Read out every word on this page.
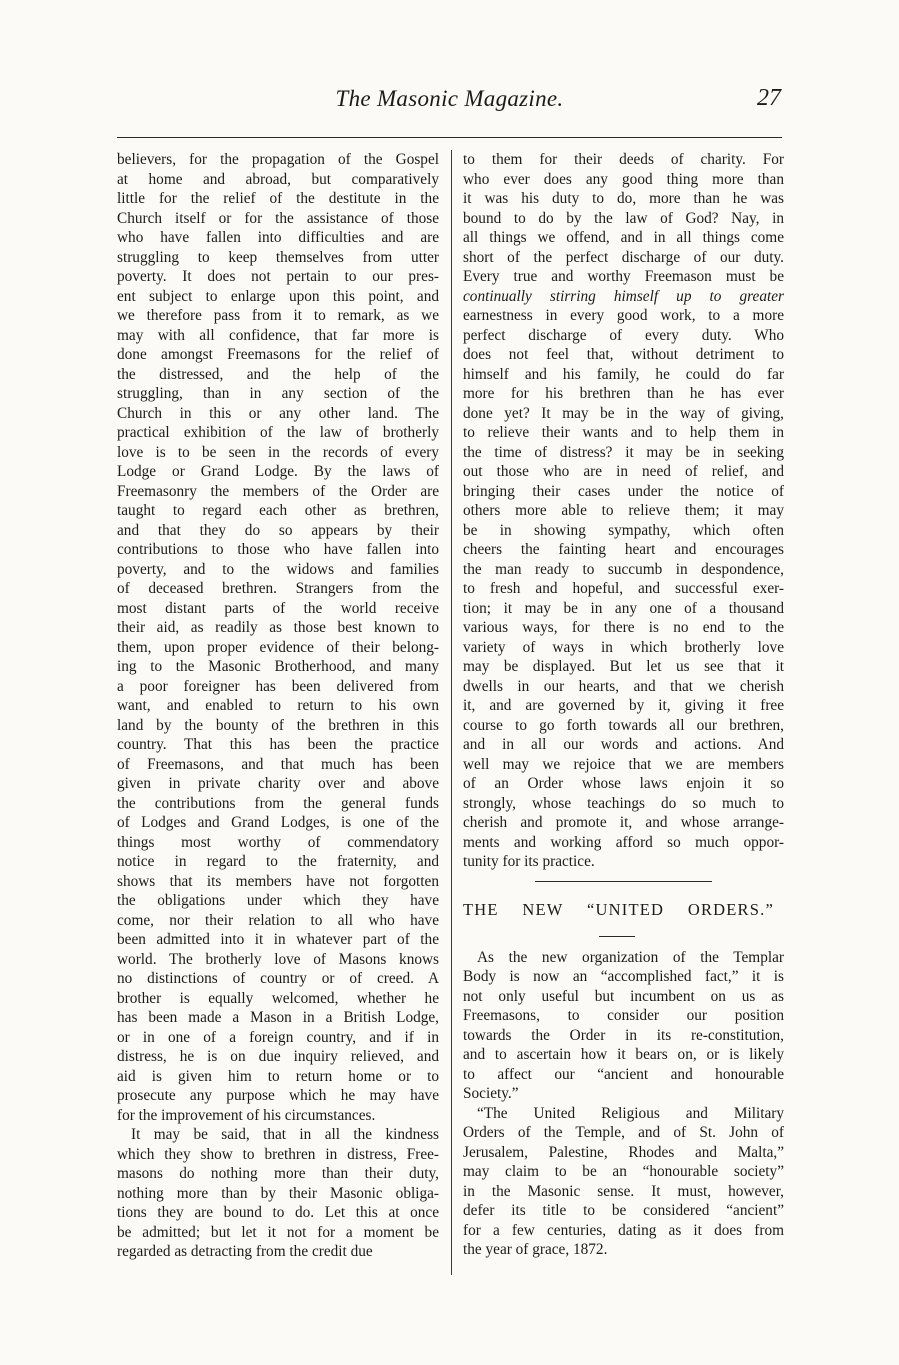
The Masonic Magazine.	27
believers, for the propagation of the Gospel
at home and abroad, but comparatively
little for the relief of the destitute in the
Church itself or for the assistance of those
who have fallen into difficulties and are
struggling to keep themselves from utter
poverty. It does not pertain to our pres-
ent subject to enlarge upon this point, and
we therefore pass from it to remark, as we
may with all confidence, that far more is
done amongst Freemasons for the relief of
the distressed, and the help of the
struggling, than in any section of the
Church in this or any other land. The
practical exhibition of the law of brotherly
love is to be seen in the records of every
Lodge or Grand Lodge. By the laws of
Freemasonry the members of the Order are
taught to regard each other as brethren,
and that they do so appears by their
contributions to those who have fallen into
poverty, and to the widows and families
of deceased brethren. Strangers from the
most distant parts of the world receive
their aid, as readily as those best known to
them, upon proper evidence of their belong-
ing to the Masonic Brotherhood, and many
a poor foreigner has been delivered from
want, and enabled to return to his own
land by the bounty of the brethren in this
country. That this has been the practice
of Freemasons, and that much has been
given in private charity over and above
the contributions from the general funds
of Lodges and Grand Lodges, is one of the
things most worthy of commendatory
notice in regard to the fraternity, and
shows that its members have not forgotten
the obligations under which they have
come, nor their relation to all who have
been admitted into it in whatever part of the
world. The brotherly love of Masons knows
no distinctions of country or of creed. A
brother is equally welcomed, whether he
has been made a Mason in a British Lodge,
or in one of a foreign country, and if in
distress, he is on due inquiry relieved, and
aid is given him to return home or to
prosecute any purpose which he may have
for the improvement of his circumstances.
It may be said, that in all the kindness
which they show to brethren in distress, Free-
masons do nothing more than their duty,
nothing more than by their Masonic obliga-
tions they are bound to do. Let this at once
be admitted; but let it not for a moment be
regarded as detracting from the credit due
to them for their deeds of charity. For
who ever does any good thing more than
it was his duty to do, more than he was
bound to do by the law of God? Nay, in
all things we offend, and in all things come
short of the perfect discharge of our duty.
Every true and worthy Freemason must be
continually stirring himself up to greater
earnestness in every good work, to a more
perfect discharge of every duty. Who
does not feel that, without detriment to
himself and his family, he could do far
more for his brethren than he has ever
done yet? It may be in the way of giving,
to relieve their wants and to help them in
the time of distress? it may be in seeking
out those who are in need of relief, and
bringing their cases under the notice of
others more able to relieve them; it may
be in showing sympathy, which often
cheers the fainting heart and encourages
the man ready to succumb in despondence,
to fresh and hopeful, and successful exer-
tion; it may be in any one of a thousand
various ways, for there is no end to the
variety of ways in which brotherly love
may be displayed. But let us see that it
dwells in our hearts, and that we cherish
it, and are governed by it, giving it free
course to go forth towards all our brethren,
and in all our words and actions. And
well may we rejoice that we are members
of an Order whose laws enjoin it so
strongly, whose teachings do so much to
cherish and promote it, and whose arrange-
ments and working afford so much oppor-
tunity for its practice.
THE NEW “UNITED ORDERS.”
As the new organization of the Templar
Body is now an “accomplished fact,” it is
not only useful but incumbent on us as
Freemasons, to consider our position
towards the Order in its re-constitution,
and to ascertain how it bears on, or is likely
to affect our “ancient and honourable
Society.”
“The United Religious and Military
Orders of the Temple, and of St. John of
Jerusalem, Palestine, Rhodes and Malta,”
may claim to be an “honourable society”
in the Masonic sense. It must, however,
defer its title to be considered “ancient”
for a few centuries, dating as it does from
the year of grace, 1872.
